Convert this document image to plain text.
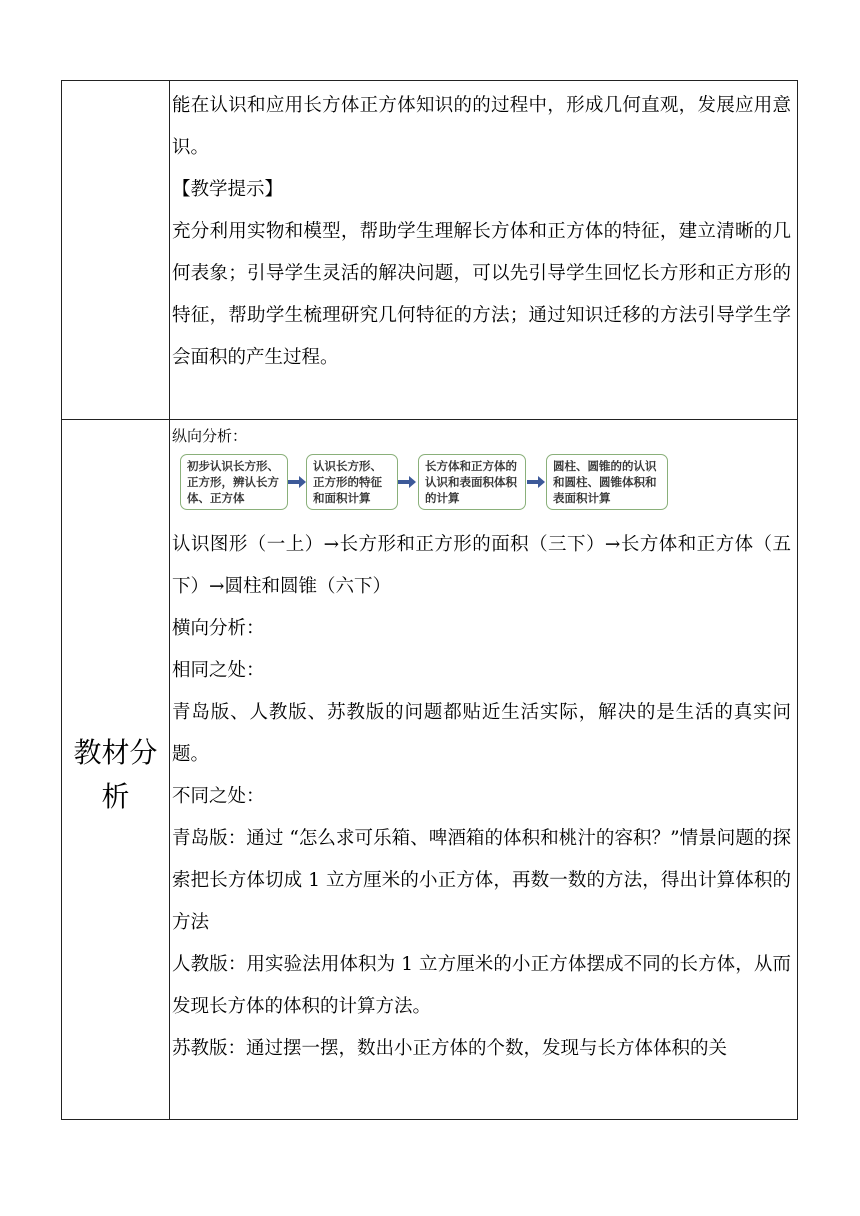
能在认识和应用长方体正方体知识的的过程中，形成几何直观，发展应用意识。

【教学提示】

充分利用实物和模型，帮助学生理解长方体和正方体的特征，建立清晰的几何表象；引导学生灵活的解决问题，可以先引导学生回忆长方形和正方形的特征，帮助学生梳理研究几何特征的方法；通过知识迁移的方法引导学生学会面积的产生过程。

教材分析

纵向分析：

初步认识长方形、正方形，辨认长方体、正方体
认识长方形、正方形的特征和面积计算
长方体和正方体的认识和表面积体积的计算
圆柱、圆锥的的认识和圆柱、圆锥体积和表面积计算

认识图形（一上）→长方形和正方形的面积（三下）→长方体和正方体（五下）→圆柱和圆锥（六下）

横向分析：

相同之处：

青岛版、人教版、苏教版的问题都贴近生活实际，解决的是生活的真实问题。

不同之处：

青岛版：通过 “怎么求可乐箱、啤酒箱的体积和桃汁的容积？”情景问题的探索把长方体切成 1 立方厘米的小正方体，再数一数的方法，得出计算体积的方法

人教版：用实验法用体积为 1 立方厘米的小正方体摆成不同的长方体，从而发现长方体的体积的计算方法。

苏教版：通过摆一摆，数出小正方体的个数，发现与长方体体积的关
